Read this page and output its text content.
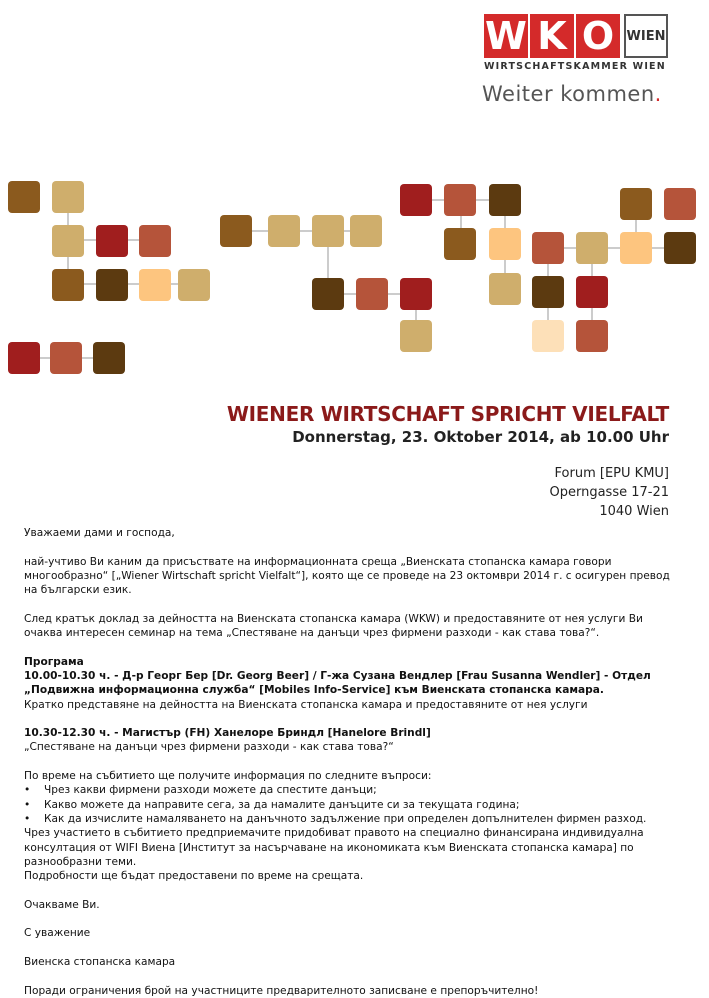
W K O WIEN
WIRTSCHAFTSKAMMER WIEN
Weiter kommen.
WIENER WIRTSCHAFT SPRICHT VIELFALT
Donnerstag, 23. Oktober 2014, ab 10.00 Uhr
Forum [EPU KMU]
Operngasse 17-21
1040 Wien

Уважаеми дами и господа,

най-учтиво Ви каним да присъствате на информационната среща „Виенската стопанска камара говори многообразно“ [„Wiener Wirtschaft spricht Vielfalt“], която ще се проведе на 23 октомври 2014 г. с осигурен превод на български език.

След кратък доклад за дейността на Виенската стопанска камара (WKW) и предоставяните от нея услуги Ви очаква интересен семинар на тема „Спестяване на данъци чрез фирмени разходи - как става това?“.

Програма

10.00-10.30 ч. - Д-р Георг Бер [Dr. Georg Beer] / Г-жа Сузана Вендлер [Frau Susanna Wendler] - Отдел „Подвижна информационна служба“ [Mobiles Info-Service] към Виенската стопанска камара.

Кратко представяне на дейността на Виенската стопанска камара и предоставяните от нея услуги

10.30-12.30 ч. - Магистър (FH) Ханелоре Бриндл [Hanelore Brindl]

„Спестяване на данъци чрез фирмени разходи - как става това?“

По време на събитието ще получите информация по следните въпроси:

• Чрез какви фирмени разходи можете да спестите данъци;
• Какво можете да направите сега, за да намалите данъците си за текущата година;
• Как да изчислите намаляването на данъчното задължение при определен допълнителен фирмен разход.

Чрез участието в събитието предприемачите придобиват правото на специално финансирана индивидуална консултация от WIFI Виена [Институт за насърчаване на икономиката към Виенската стопанска камара] по разнообразни теми.

Подробности ще бъдат предоставени по време на срещата.

Очакваме Ви.

С уважение

Виенска стопанска камара

Поради ограничения брой на участниците предварителното записване е препоръчително!
